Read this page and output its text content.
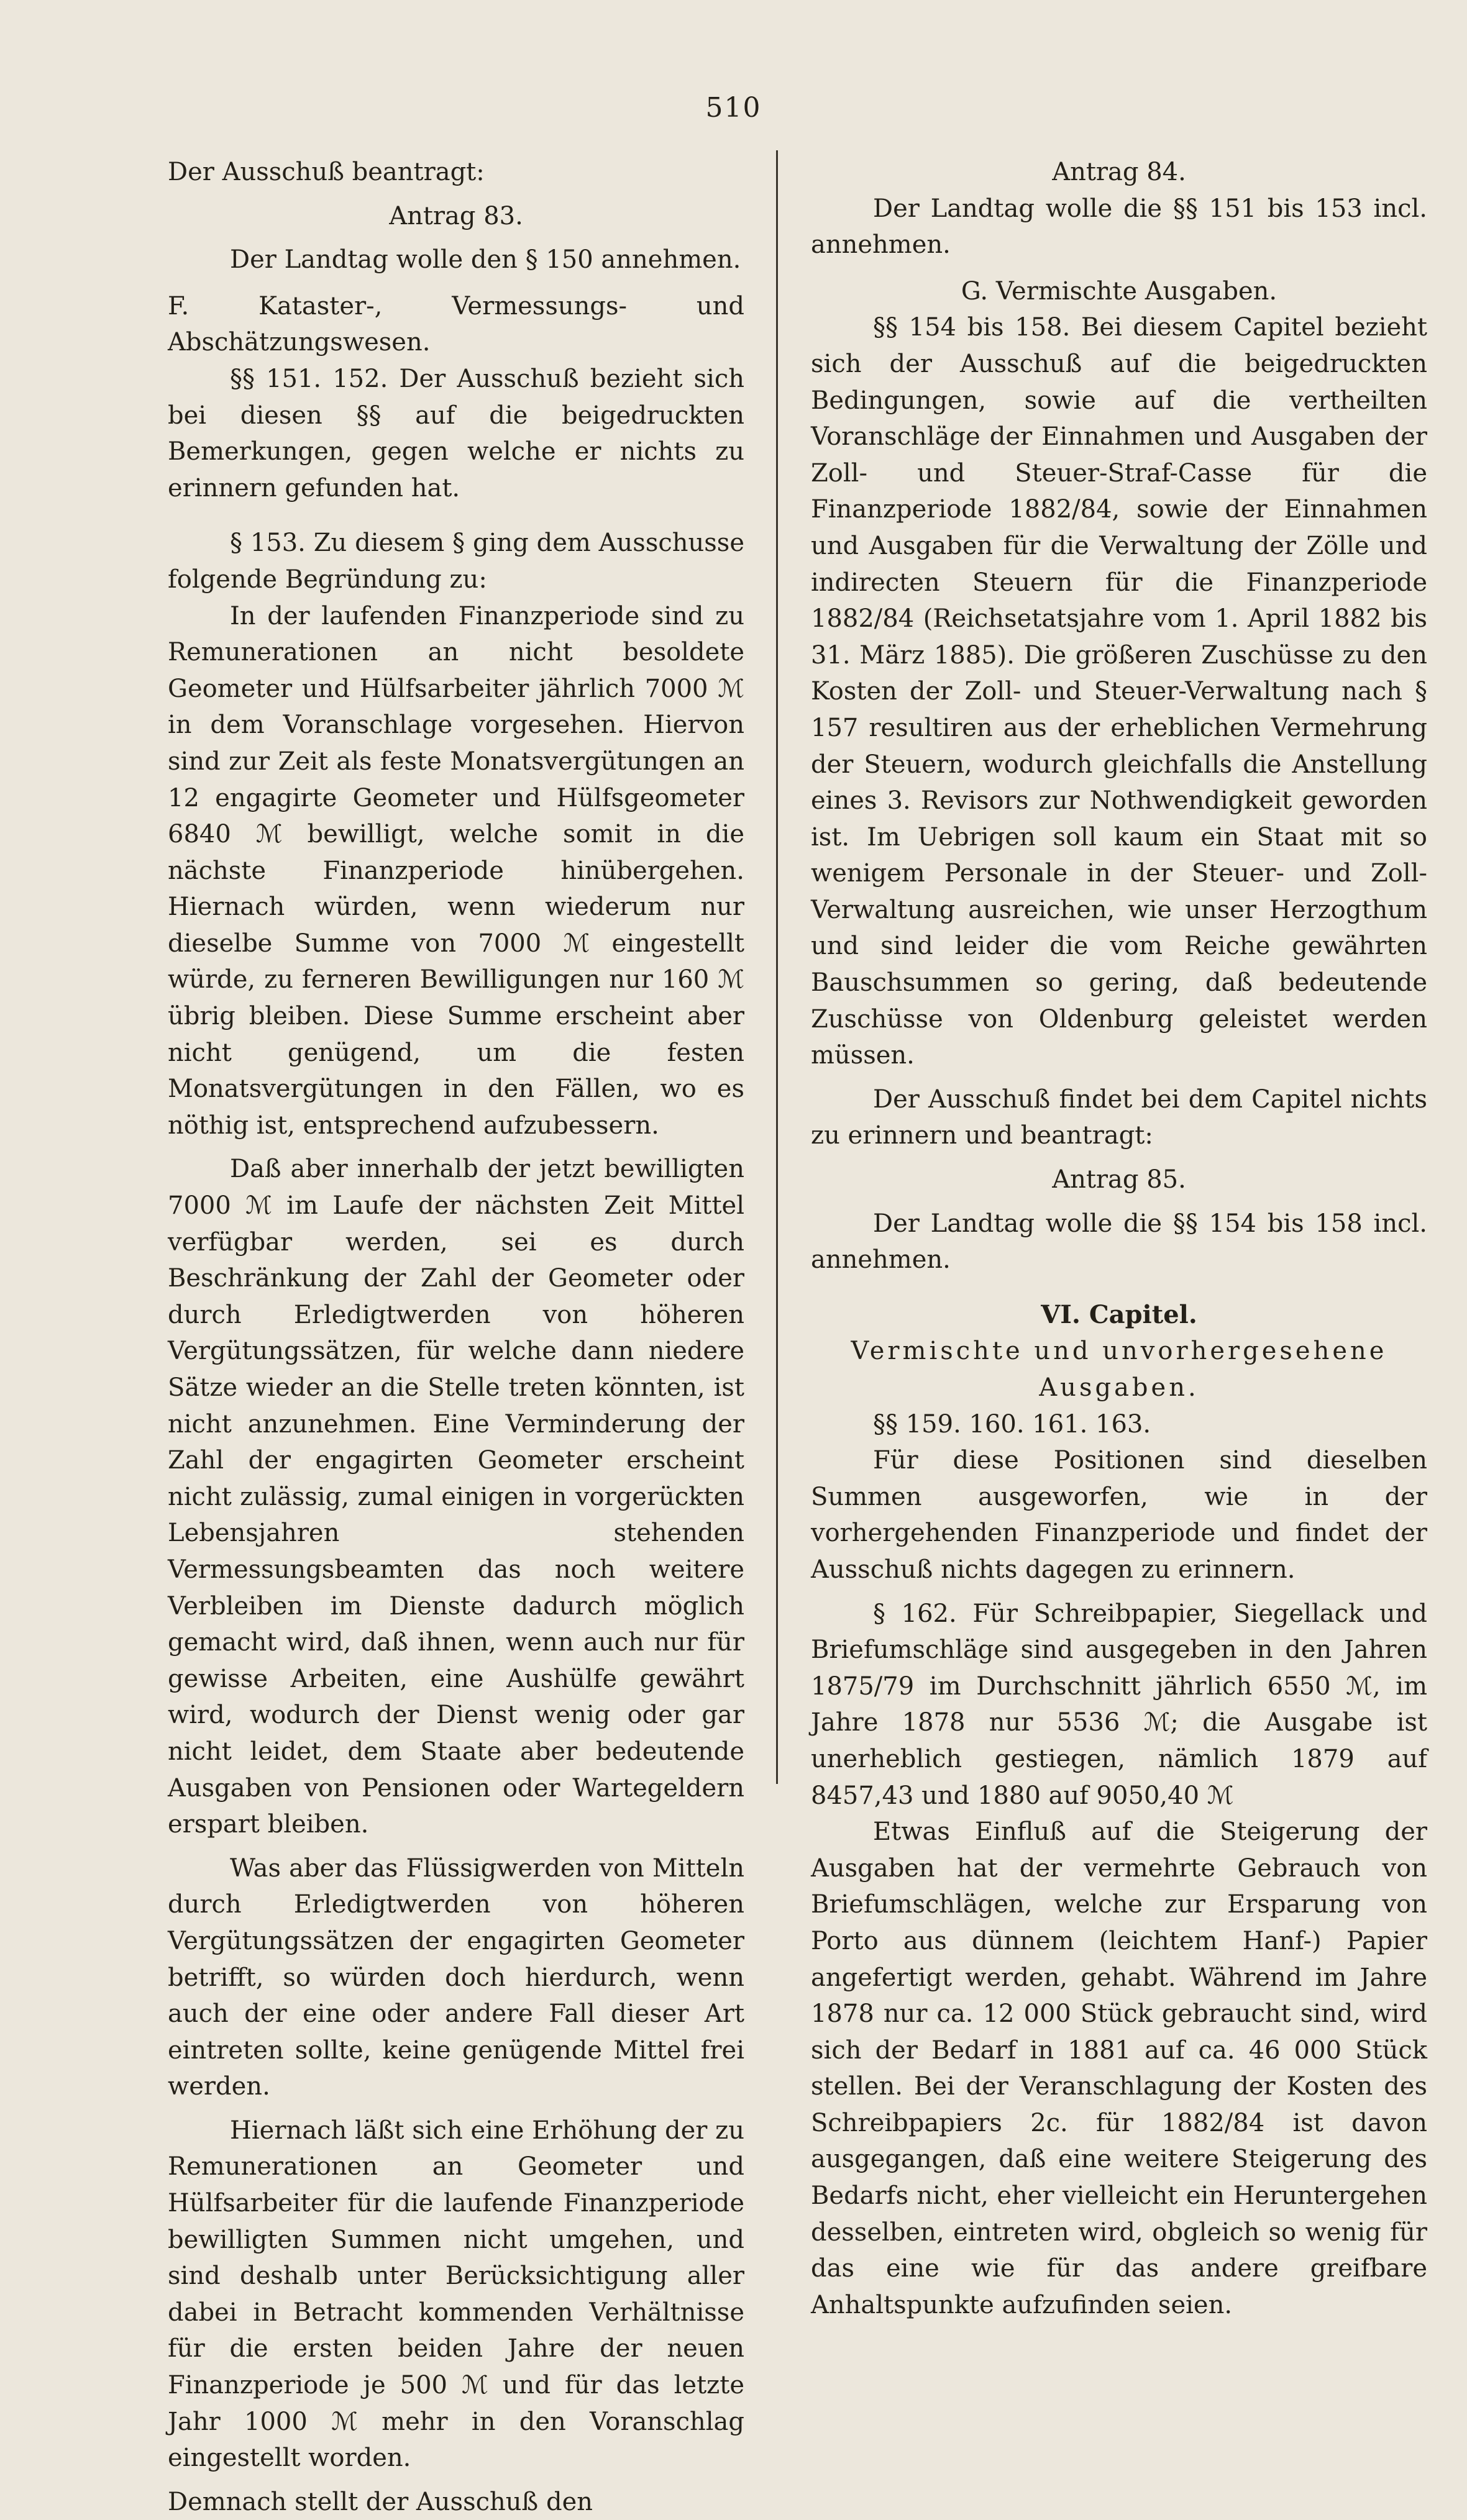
510

Der Ausschuß beantragt:

Antrag 83.

Der Landtag wolle den § 150 annehmen.

F. Kataster-, Vermessungs- und Abschätzungswesen.

§§ 151. 152. Der Ausschuß bezieht sich bei diesen §§ auf die beigedruckten Bemerkungen, gegen welche er nichts zu erinnern gefunden hat.

§ 153. Zu diesem § ging dem Ausschusse folgende Begründung zu:

In der laufenden Finanzperiode sind zu Remunerationen an nicht besoldete Geometer und Hülfsarbeiter jährlich 7000 ℳ in dem Voranschlage vorgesehen. Hiervon sind zur Zeit als feste Monatsvergütungen an 12 engagirte Geometer und Hülfsgeometer 6840 ℳ bewilligt, welche somit in die nächste Finanzperiode hinübergehen. Hiernach würden, wenn wiederum nur dieselbe Summe von 7000 ℳ eingestellt würde, zu ferneren Bewilligungen nur 160 ℳ übrig bleiben. Diese Summe erscheint aber nicht genügend, um die festen Monatsvergütungen in den Fällen, wo es nöthig ist, entsprechend aufzubessern.

Daß aber innerhalb der jetzt bewilligten 7000 ℳ im Laufe der nächsten Zeit Mittel verfügbar werden, sei es durch Beschränkung der Zahl der Geometer oder durch Erledigtwerden von höheren Vergütungssätzen, für welche dann niedere Sätze wieder an die Stelle treten könnten, ist nicht anzunehmen. Eine Verminderung der Zahl der engagirten Geometer erscheint nicht zulässig, zumal einigen in vorgerückten Lebensjahren stehenden Vermessungsbeamten das noch weitere Verbleiben im Dienste dadurch möglich gemacht wird, daß ihnen, wenn auch nur für gewisse Arbeiten, eine Aushülfe gewährt wird, wodurch der Dienst wenig oder gar nicht leidet, dem Staate aber bedeutende Ausgaben von Pensionen oder Wartegeldern erspart bleiben.

Was aber das Flüssigwerden von Mitteln durch Erledigtwerden von höheren Vergütungssätzen der engagirten Geometer betrifft, so würden doch hierdurch, wenn auch der eine oder andere Fall dieser Art eintreten sollte, keine genügende Mittel frei werden.

Hiernach läßt sich eine Erhöhung der zu Remunerationen an Geometer und Hülfsarbeiter für die laufende Finanzperiode bewilligten Summen nicht umgehen, und sind deshalb unter Berücksichtigung aller dabei in Betracht kommenden Verhältnisse für die ersten beiden Jahre der neuen Finanzperiode je 500 ℳ und für das letzte Jahr 1000 ℳ mehr in den Voranschlag eingestellt worden.

Demnach stellt der Ausschuß den

Antrag 84.

Der Landtag wolle die §§ 151 bis 153 incl. annehmen.

G. Vermischte Ausgaben.

§§ 154 bis 158. Bei diesem Capitel bezieht sich der Ausschuß auf die beigedruckten Bedingungen, sowie auf die vertheilten Voranschläge der Einnahmen und Ausgaben der Zoll- und Steuer-Straf-Casse für die Finanzperiode 1882/84, sowie der Einnahmen und Ausgaben für die Verwaltung der Zölle und indirecten Steuern für die Finanzperiode 1882/84 (Reichsetatsjahre vom 1. April 1882 bis 31. März 1885). Die größeren Zuschüsse zu den Kosten der Zoll- und Steuer-Verwaltung nach § 157 resultiren aus der erheblichen Vermehrung der Steuern, wodurch gleichfalls die Anstellung eines 3. Revisors zur Nothwendigkeit geworden ist. Im Uebrigen soll kaum ein Staat mit so wenigem Personale in der Steuer- und Zoll-Verwaltung ausreichen, wie unser Herzogthum und sind leider die vom Reiche gewährten Bauschsummen so gering, daß bedeutende Zuschüsse von Oldenburg geleistet werden müssen.

Der Ausschuß findet bei dem Capitel nichts zu erinnern und beantragt:

Antrag 85.

Der Landtag wolle die §§ 154 bis 158 incl. annehmen.

VI. Capitel.

Vermischte und unvorhergesehene Ausgaben.

§§ 159. 160. 161. 163.

Für diese Positionen sind dieselben Summen ausgeworfen, wie in der vorhergehenden Finanzperiode und findet der Ausschuß nichts dagegen zu erinnern.

§ 162. Für Schreibpapier, Siegellack und Briefumschläge sind ausgegeben in den Jahren 1875/79 im Durchschnitt jährlich 6550 ℳ, im Jahre 1878 nur 5536 ℳ; die Ausgabe ist unerheblich gestiegen, nämlich 1879 auf 8457,43 und 1880 auf 9050,40 ℳ

Etwas Einfluß auf die Steigerung der Ausgaben hat der vermehrte Gebrauch von Briefumschlägen, welche zur Ersparung von Porto aus dünnem (leichtem Hanf-) Papier angefertigt werden, gehabt. Während im Jahre 1878 nur ca. 12 000 Stück gebraucht sind, wird sich der Bedarf in 1881 auf ca. 46 000 Stück stellen. Bei der Veranschlagung der Kosten des Schreibpapiers 2c. für 1882/84 ist davon ausgegangen, daß eine weitere Steigerung des Bedarfs nicht, eher vielleicht ein Heruntergehen desselben, eintreten wird, obgleich so wenig für das eine wie für das andere greifbare Anhaltspunkte aufzufinden seien.
